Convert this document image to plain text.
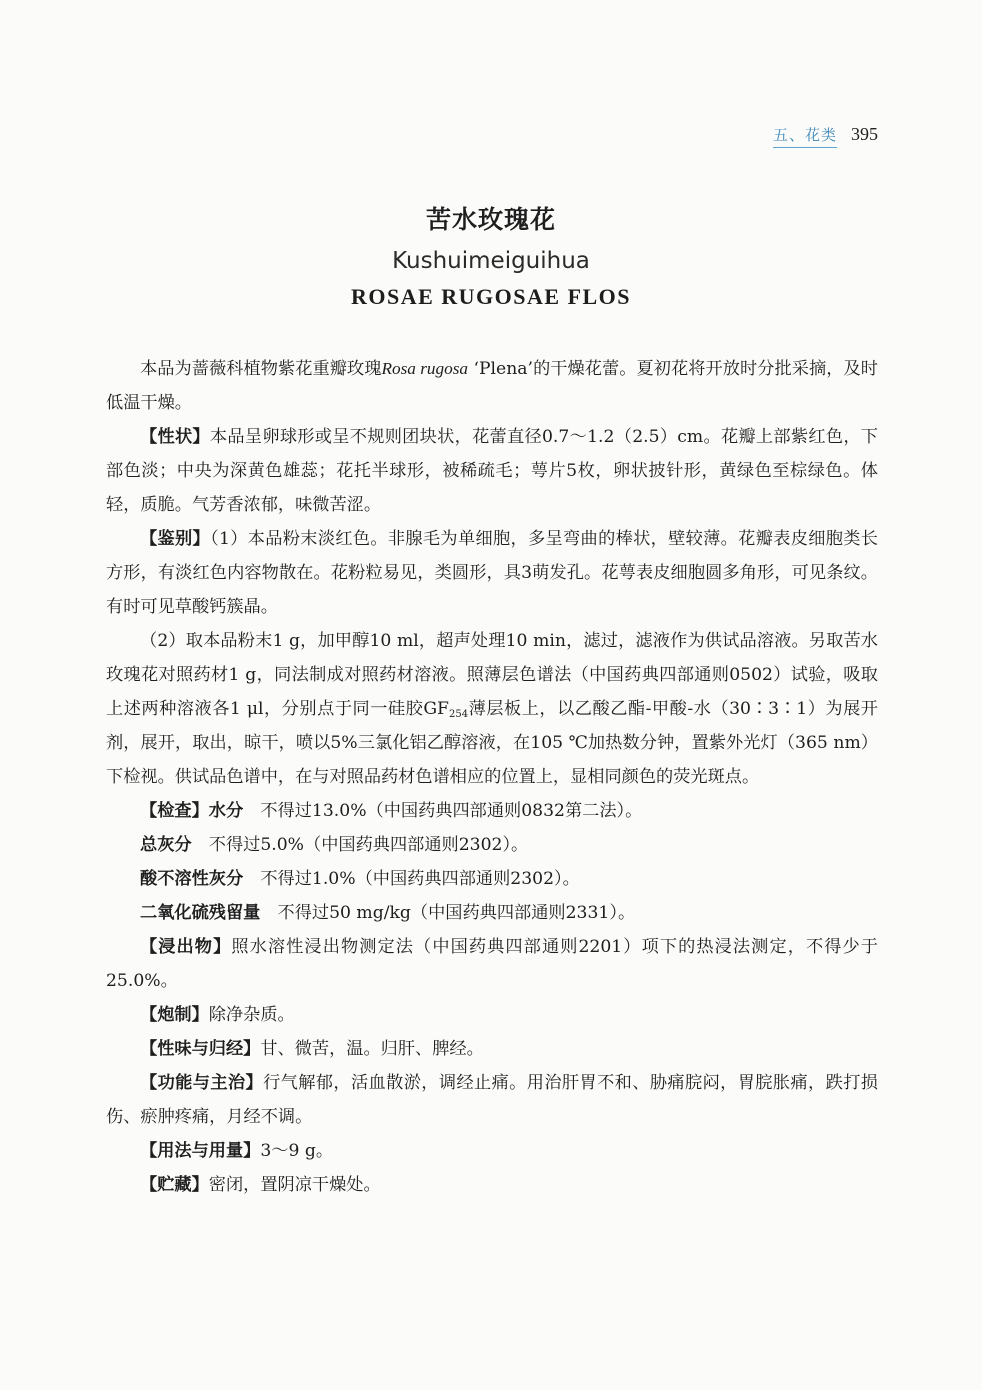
五、花类 395
苦水玫瑰花
Kushuimeiguihua
ROSAE RUGOSAE FLOS

本品为蔷薇科植物紫花重瓣玫瑰Rosa rugosa ‘Plena’的干燥花蕾。夏初花将开放时分批采摘，及时低温干燥。

【性状】本品呈卵球形或呈不规则团块状，花蕾直径0.7～1.2（2.5）cm。花瓣上部紫红色，下部色淡；中央为深黄色雄蕊；花托半球形，被稀疏毛；萼片5枚，卵状披针形，黄绿色至棕绿色。体轻，质脆。气芳香浓郁，味微苦涩。

【鉴别】（1）本品粉末淡红色。非腺毛为单细胞，多呈弯曲的棒状，壁较薄。花瓣表皮细胞类长方形，有淡红色内容物散在。花粉粒易见，类圆形，具3萌发孔。花萼表皮细胞圆多角形，可见条纹。有时可见草酸钙簇晶。

（2）取本品粉末1 g，加甲醇10 ml，超声处理10 min，滤过，滤液作为供试品溶液。另取苦水玫瑰花对照药材1 g，同法制成对照药材溶液。照薄层色谱法（中国药典四部通则0502）试验，吸取上述两种溶液各1 μl，分别点于同一硅胶$GF_{254}$薄层板上，以乙酸乙酯-甲酸-水（30∶3∶1）为展开剂，展开，取出，晾干，喷以5%三氯化铝乙醇溶液，在105 ℃加热数分钟，置紫外光灯（365 nm）下检视。供试品色谱中，在与对照品药材色谱相应的位置上，显相同颜色的荧光斑点。

【检查】水分　 不得过13.0%（中国药典四部通则0832第二法）。

总灰分　 不得过5.0%（中国药典四部通则2302）。

酸不溶性灰分　 不得过1.0%（中国药典四部通则2302）。

二氧化硫残留量　 不得过50 mg/kg（中国药典四部通则2331）。

【浸出物】照水溶性浸出物测定法（中国药典四部通则2201）项下的热浸法测定，不得少于25.0%。

【炮制】除净杂质。

【性味与归经】甘、微苦，温。归肝、脾经。

【功能与主治】行气解郁，活血散淤，调经止痛。用治肝胃不和、胁痛脘闷，胃脘胀痛，跌打损伤、瘀肿疼痛，月经不调。

【用法与用量】3～9 g。

【贮藏】密闭，置阴凉干燥处。
